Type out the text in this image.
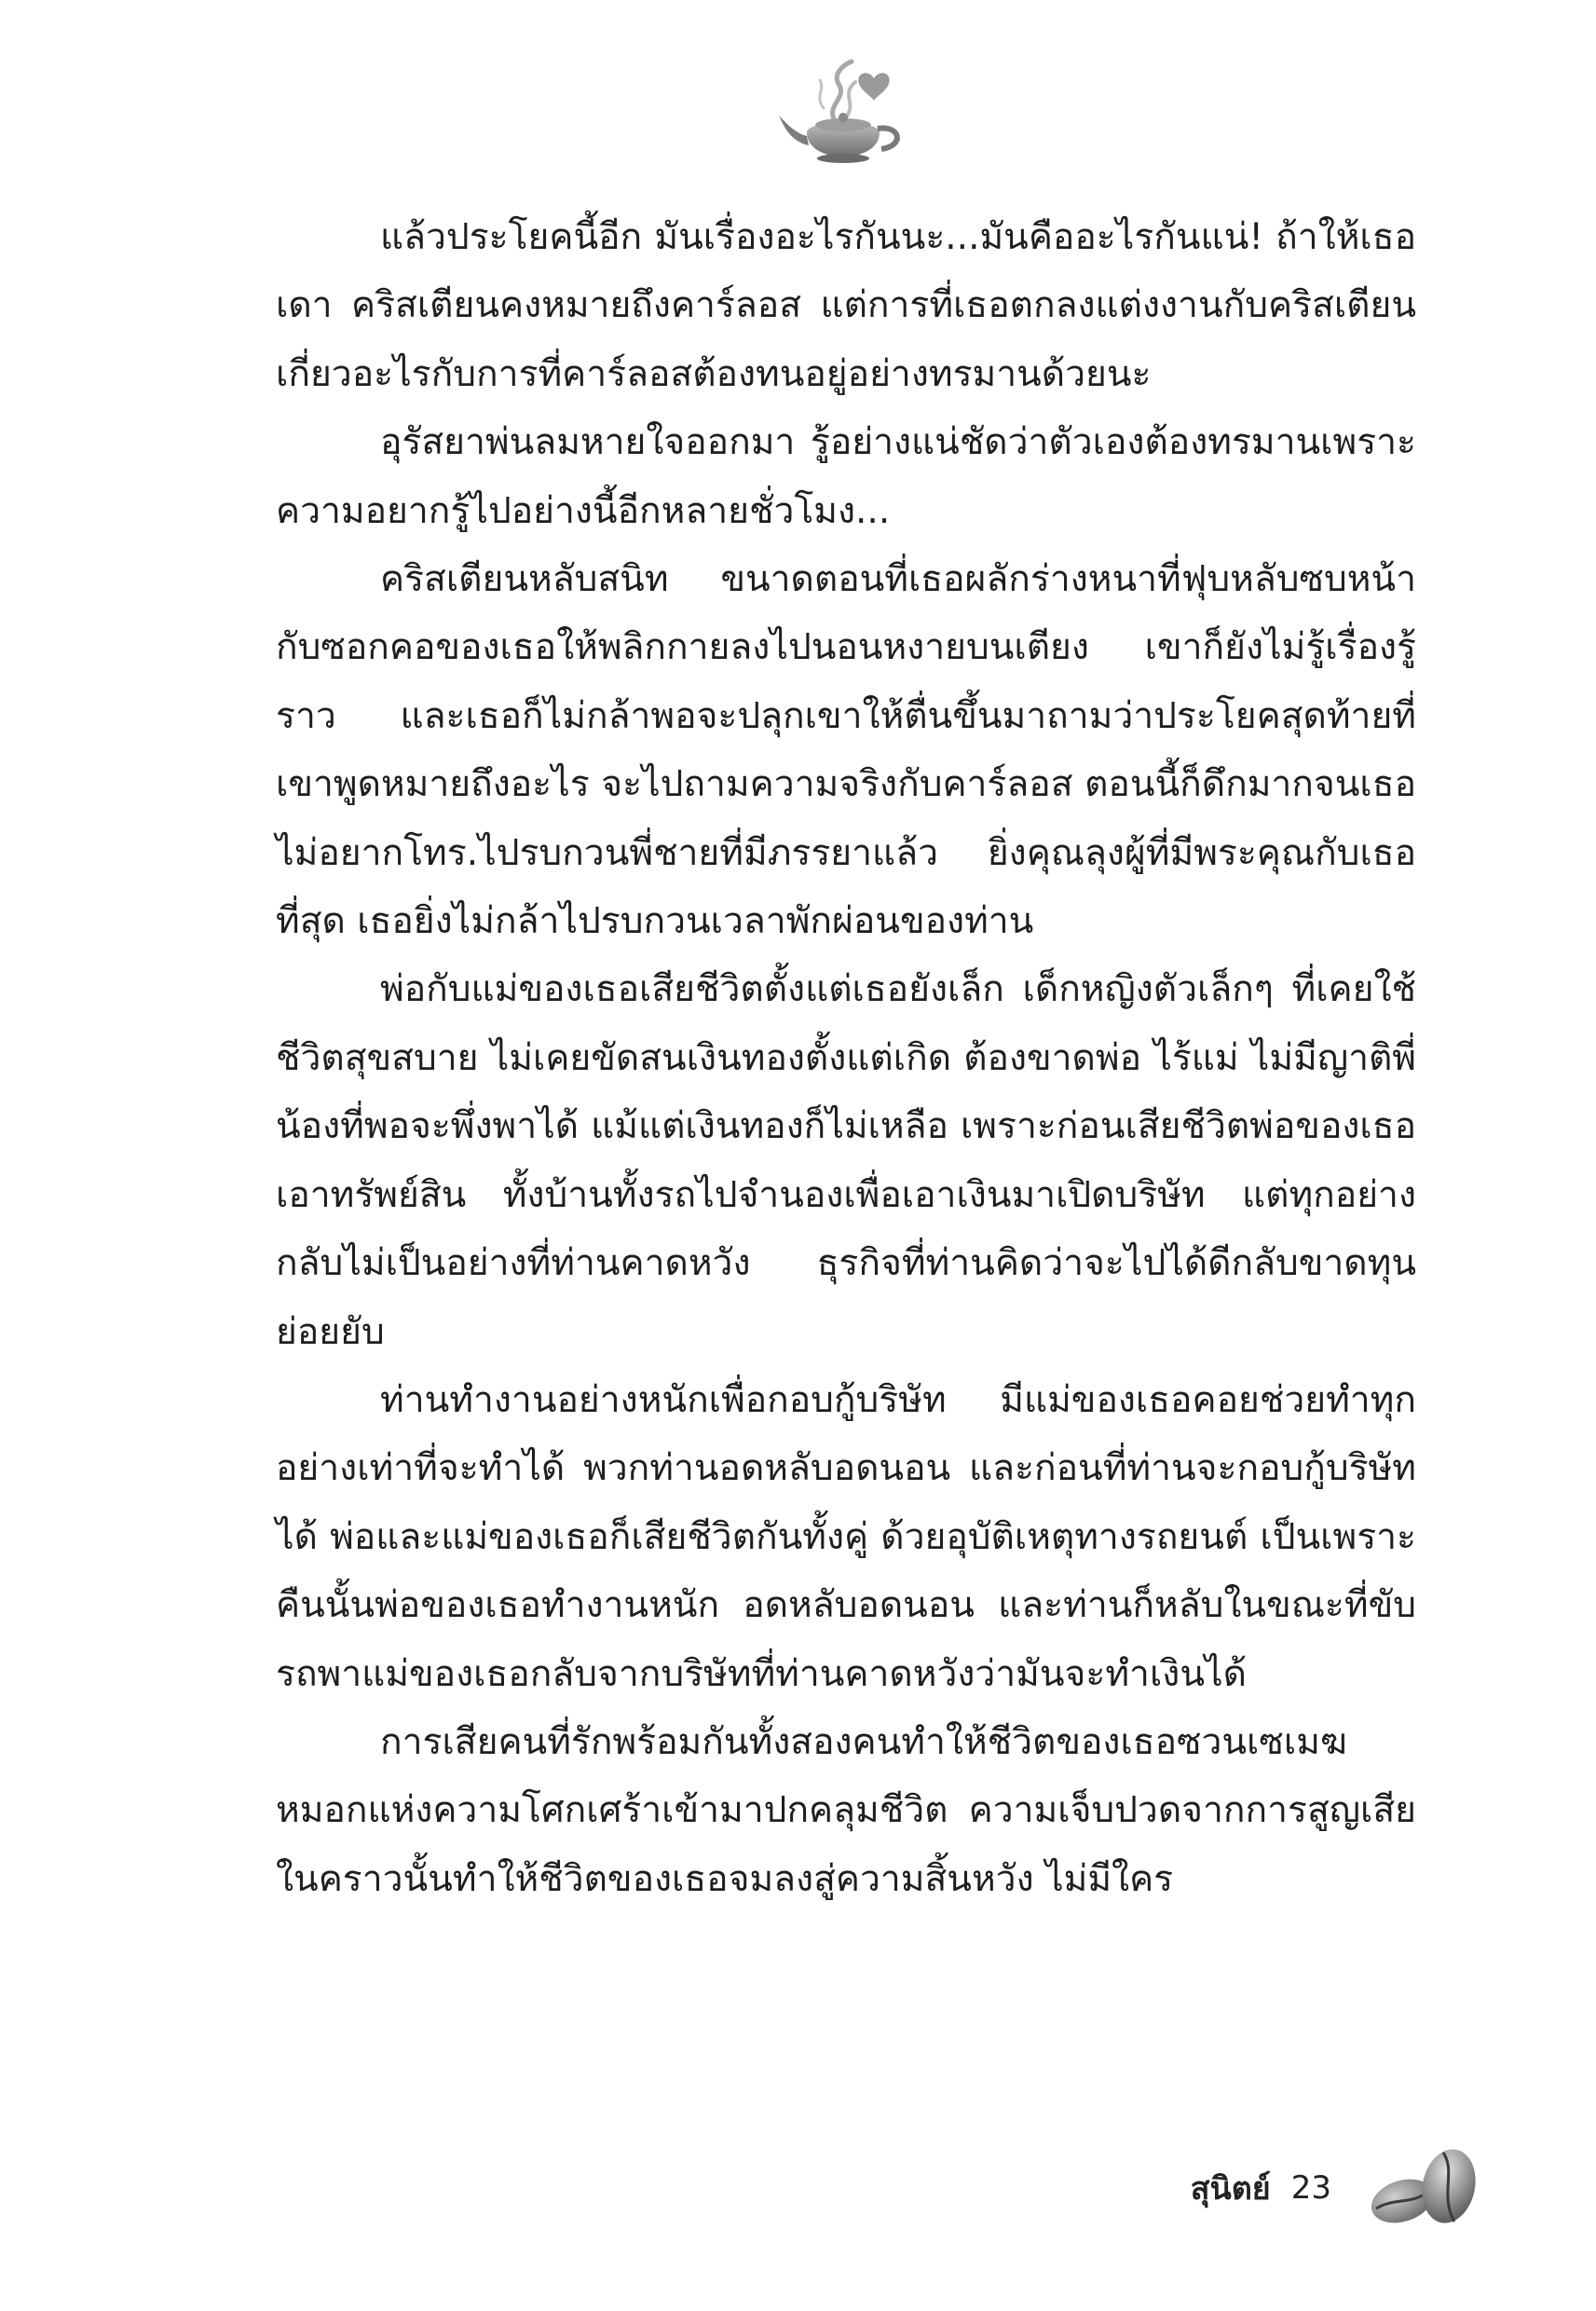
แล้วประโยคนี้อีก มันเรื่องอะไรกันนะ...มันคืออะไรกันแน่! ถ้าให้เธอเดา คริสเตียนคงหมายถึงคาร์ลอส แต่การที่เธอตกลงแต่งงานกับคริสเตียนเกี่ยวอะไรกับการที่คาร์ลอสต้องทนอยู่อย่างทรมานด้วยนะ

อุรัสยาพ่นลมหายใจออกมา รู้อย่างแน่ชัดว่าตัวเองต้องทรมานเพราะความอยากรู้ไปอย่างนี้อีกหลายชั่วโมง...

คริสเตียนหลับสนิท ขนาดตอนที่เธอผลักร่างหนาที่ฟุบหลับซบหน้ากับซอกคอของเธอให้พลิกกายลงไปนอนหงายบนเตียง เขาก็ยังไม่รู้เรื่องรู้ราว และเธอก็ไม่กล้าพอจะปลุกเขาให้ตื่นขึ้นมาถามว่าประโยคสุดท้ายที่เขาพูดหมายถึงอะไร จะไปถามความจริงกับคาร์ลอส ตอนนี้ก็ดึกมากจนเธอไม่อยากโทร.ไปรบกวนพี่ชายที่มีภรรยาแล้ว ยิ่งคุณลุงผู้ที่มีพระคุณกับเธอที่สุด เธอยิ่งไม่กล้าไปรบกวนเวลาพักผ่อนของท่าน

พ่อกับแม่ของเธอเสียชีวิตตั้งแต่เธอยังเล็ก เด็กหญิงตัวเล็กๆ ที่เคยใช้ชีวิตสุขสบาย ไม่เคยขัดสนเงินทองตั้งแต่เกิด ต้องขาดพ่อ ไร้แม่ ไม่มีญาติพี่น้องที่พอจะพึ่งพาได้ แม้แต่เงินทองก็ไม่เหลือ เพราะก่อนเสียชีวิตพ่อของเธอเอาทรัพย์สิน ทั้งบ้านทั้งรถไปจำนองเพื่อเอาเงินมาเปิดบริษัท แต่ทุกอย่างกลับไม่เป็นอย่างที่ท่านคาดหวัง ธุรกิจที่ท่านคิดว่าจะไปได้ดีกลับขาดทุนย่อยยับ

ท่านทำงานอย่างหนักเพื่อกอบกู้บริษัท มีแม่ของเธอคอยช่วยทำทุกอย่างเท่าที่จะทำได้ พวกท่านอดหลับอดนอน และก่อนที่ท่านจะกอบกู้บริษัทได้ พ่อและแม่ของเธอก็เสียชีวิตกันทั้งคู่ ด้วยอุบัติเหตุทางรถยนต์ เป็นเพราะคืนนั้นพ่อของเธอทำงานหนัก อดหลับอดนอน และท่านก็หลับในขณะที่ขับรถพาแม่ของเธอกลับจากบริษัทที่ท่านคาดหวังว่ามันจะทำเงินได้

การเสียคนที่รักพร้อมกันทั้งสองคนทำให้ชีวิตของเธอซวนเซเมฆหมอกแห่งความโศกเศร้าเข้ามาปกคลุมชีวิต ความเจ็บปวดจากการสูญเสียในคราวนั้นทำให้ชีวิตของเธอจมลงสู่ความสิ้นหวัง ไม่มีใคร

สุนิตย์ 23
